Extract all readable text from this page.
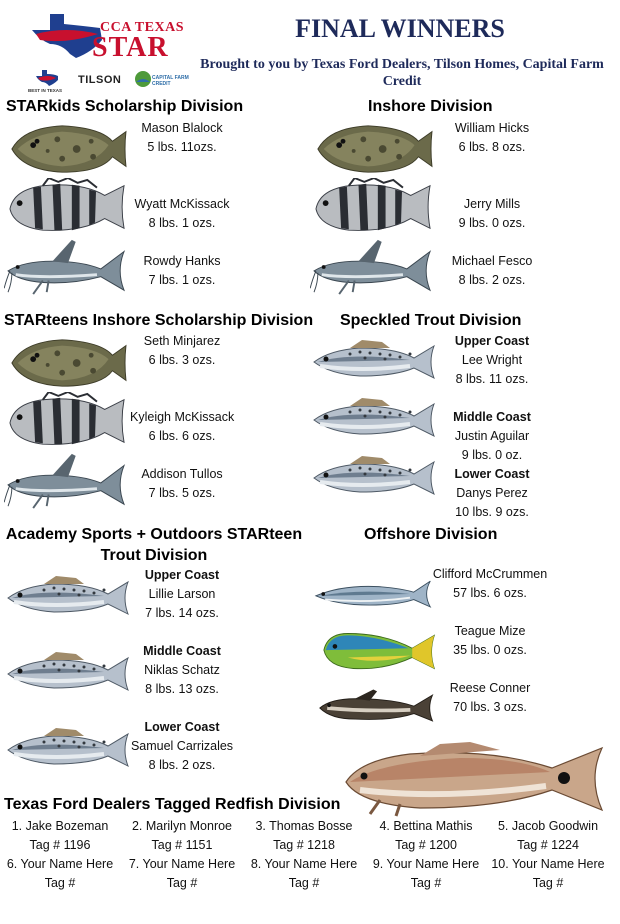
CCA TEXAS
STAR
FINAL WINNERS
Brought to you by Texas Ford Dealers, Tilson Homes, Capital Farm Credit
BEST IN TEXAS
TILSON	CAPITAL FARM CREDIT
STARkids Scholarship Division
Mason Blalock
5 lbs. 11ozs.
Wyatt McKissack
8 lbs. 1 ozs.
Rowdy Hanks
7 lbs. 1 ozs.
Inshore Division
William Hicks
6 lbs. 8 ozs.
Jerry Mills
9 lbs. 0 ozs.
Michael Fesco
8 lbs. 2 ozs.
STARteens Inshore Scholarship Division
Seth Minjarez
6 lbs. 3 ozs.
Kyleigh McKissack
6 lbs. 6 ozs.
Addison Tullos
7 lbs. 5 ozs.
Speckled Trout Division
Upper Coast
Lee Wright
8 lbs. 11 ozs.
Middle Coast
Justin Aguilar
9 lbs. 0 oz.
Lower Coast
Danys Perez
10 lbs. 9 ozs.
Academy Sports + Outdoors STARteen
Trout Division
Upper Coast
Lillie Larson
7 lbs. 14 ozs.
Middle Coast
Niklas Schatz
8 lbs. 13 ozs.
Lower Coast
Samuel Carrizales
8 lbs. 2 ozs.
Offshore Division
Clifford McCrummen
57 lbs. 6 ozs.
Teague Mize
35 lbs. 0 ozs.
Reese Conner
70 lbs. 3 ozs.
Texas Ford Dealers Tagged Redfish Division
1. Jake Bozeman
Tag # 1196
2. Marilyn Monroe
Tag # 1151
3. Thomas Bosse
Tag # 1218
4. Bettina Mathis
Tag # 1200
5. Jacob Goodwin
Tag # 1224
6. Your Name Here
Tag #
7. Your Name Here
Tag #
8. Your Name Here
Tag #
9. Your Name Here
Tag #
10. Your Name Here
Tag #
